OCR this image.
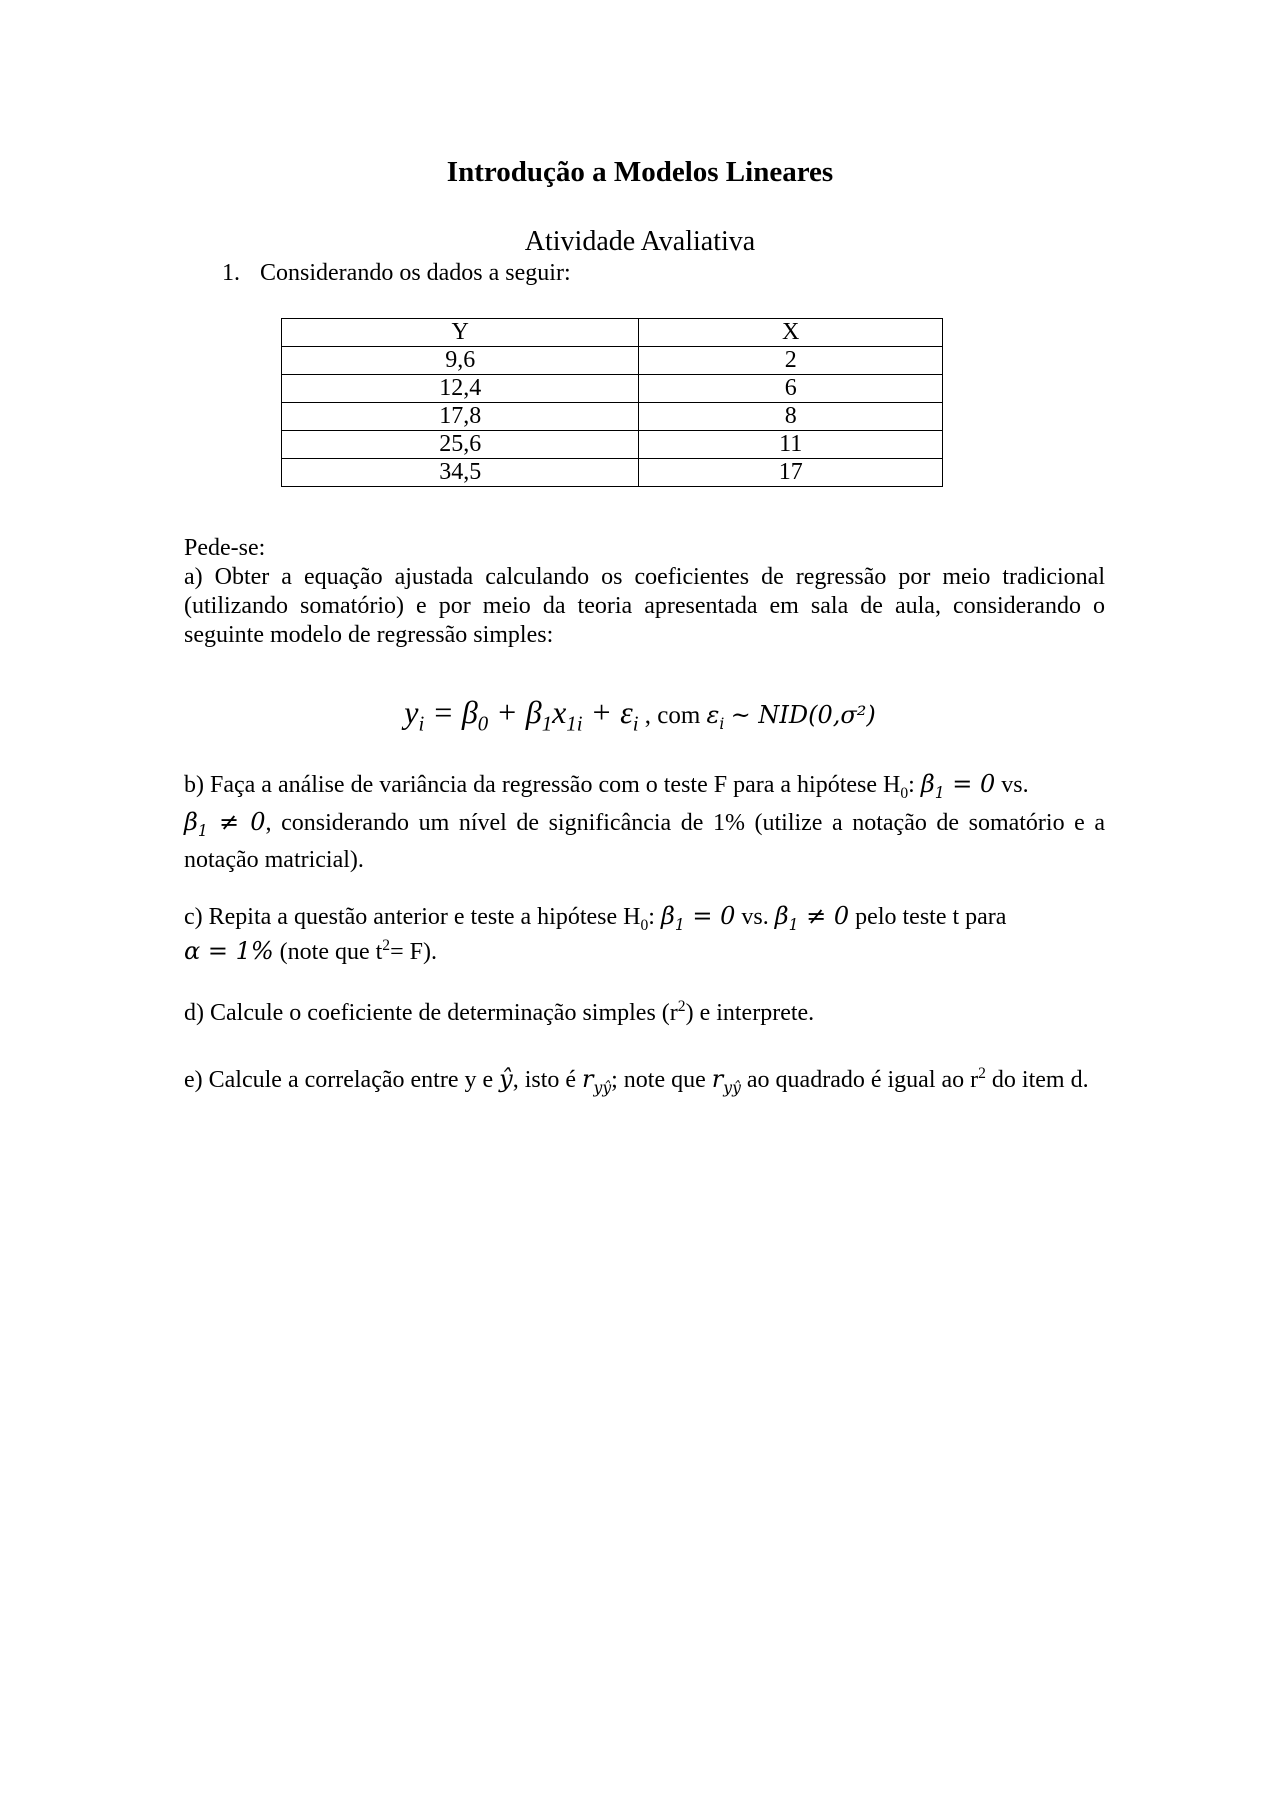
Introdução a Modelos Lineares
Atividade Avaliativa
1. Considerando os dados a seguir:
Y	X
9,6	2
12,4	6
17,8	8
25,6	11
34,5	17
Pede-se:
a) Obter a equação ajustada calculando os coeficientes de regressão por meio tradicional (utilizando somatório) e por meio da teoria apresentada em sala de aula, considerando o seguinte modelo de regressão simples:
$y_i = \beta_0 + \beta_1x_{1i} + \varepsilon_i$ , com $\varepsilon_i$ ~ NID(0,σ²)
b) Faça a análise de variância da regressão com o teste F para a hipótese $H_0$: $\beta_1 = 0$ vs.
$\beta_1 \ne 0$, considerando um nível de significância de 1% (utilize a notação de somatório e a notação matricial).
c) Repita a questão anterior e teste a hipótese $H_0$: $\beta_1 = 0$ vs. $\beta_1 \ne 0$ pelo teste t para
α = 1% (note que $t^2= F$).
d) Calcule o coeficiente de determinação simples $(r^2)$ e interprete.
e) Calcule a correlação entre y e ŷ, isto é $r_{yŷ}$; note que $r_{yŷ}$ ao quadrado é igual ao $r^2$ do item d.
